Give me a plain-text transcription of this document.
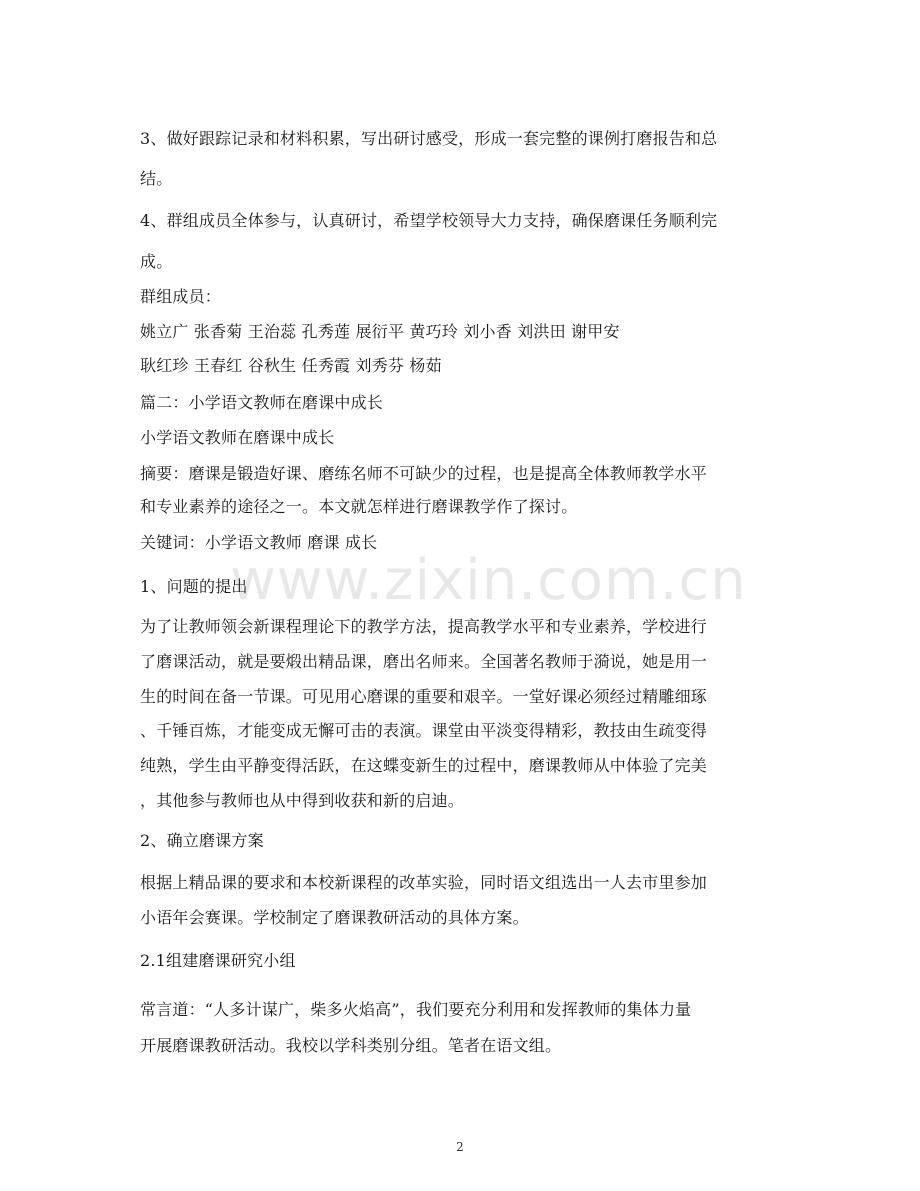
3、做好跟踪记录和材料积累，写出研讨感受，形成一套完整的课例打磨报告和总

结。

4、群组成员全体参与，认真研讨，希望学校领导大力支持，确保磨课任务顺利完

成。

群组成员：

姚立广 张香菊 王治蕊 孔秀莲 展衍平 黄巧玲 刘小香 刘洪田 谢甲安

耿红珍 王春红 谷秋生 任秀霞 刘秀芬 杨茹

篇二：小学语文教师在磨课中成长

小学语文教师在磨课中成长

摘要：磨课是锻造好课、磨练名师不可缺少的过程，也是提高全体教师教学水平

和专业素养的途径之一。本文就怎样进行磨课教学作了探讨。

关键词：小学语文教师 磨课 成长

1、问题的提出

为了让教师领会新课程理论下的教学方法，提高教学水平和专业素养，学校进行

了磨课活动，就是要煅出精品课，磨出名师来。全国著名教师于漪说，她是用一

生的时间在备一节课。可见用心磨课的重要和艰辛。一堂好课必须经过精雕细琢

、千锤百炼，才能变成无懈可击的表演。课堂由平淡变得精彩，教技由生疏变得

纯熟，学生由平静变得活跃，在这蝶变新生的过程中，磨课教师从中体验了完美

，其他参与教师也从中得到收获和新的启迪。

2、确立磨课方案

根据上精品课的要求和本校新课程的改革实验，同时语文组选出一人去市里参加

小语年会赛课。学校制定了磨课教研活动的具体方案。

2.1组建磨课研究小组

常言道：“人多计谋广，柴多火焰高”，我们要充分利用和发挥教师的集体力量

开展磨课教研活动。我校以学科类别分组。笔者在语文组。

www.zixin.com.cn
2
